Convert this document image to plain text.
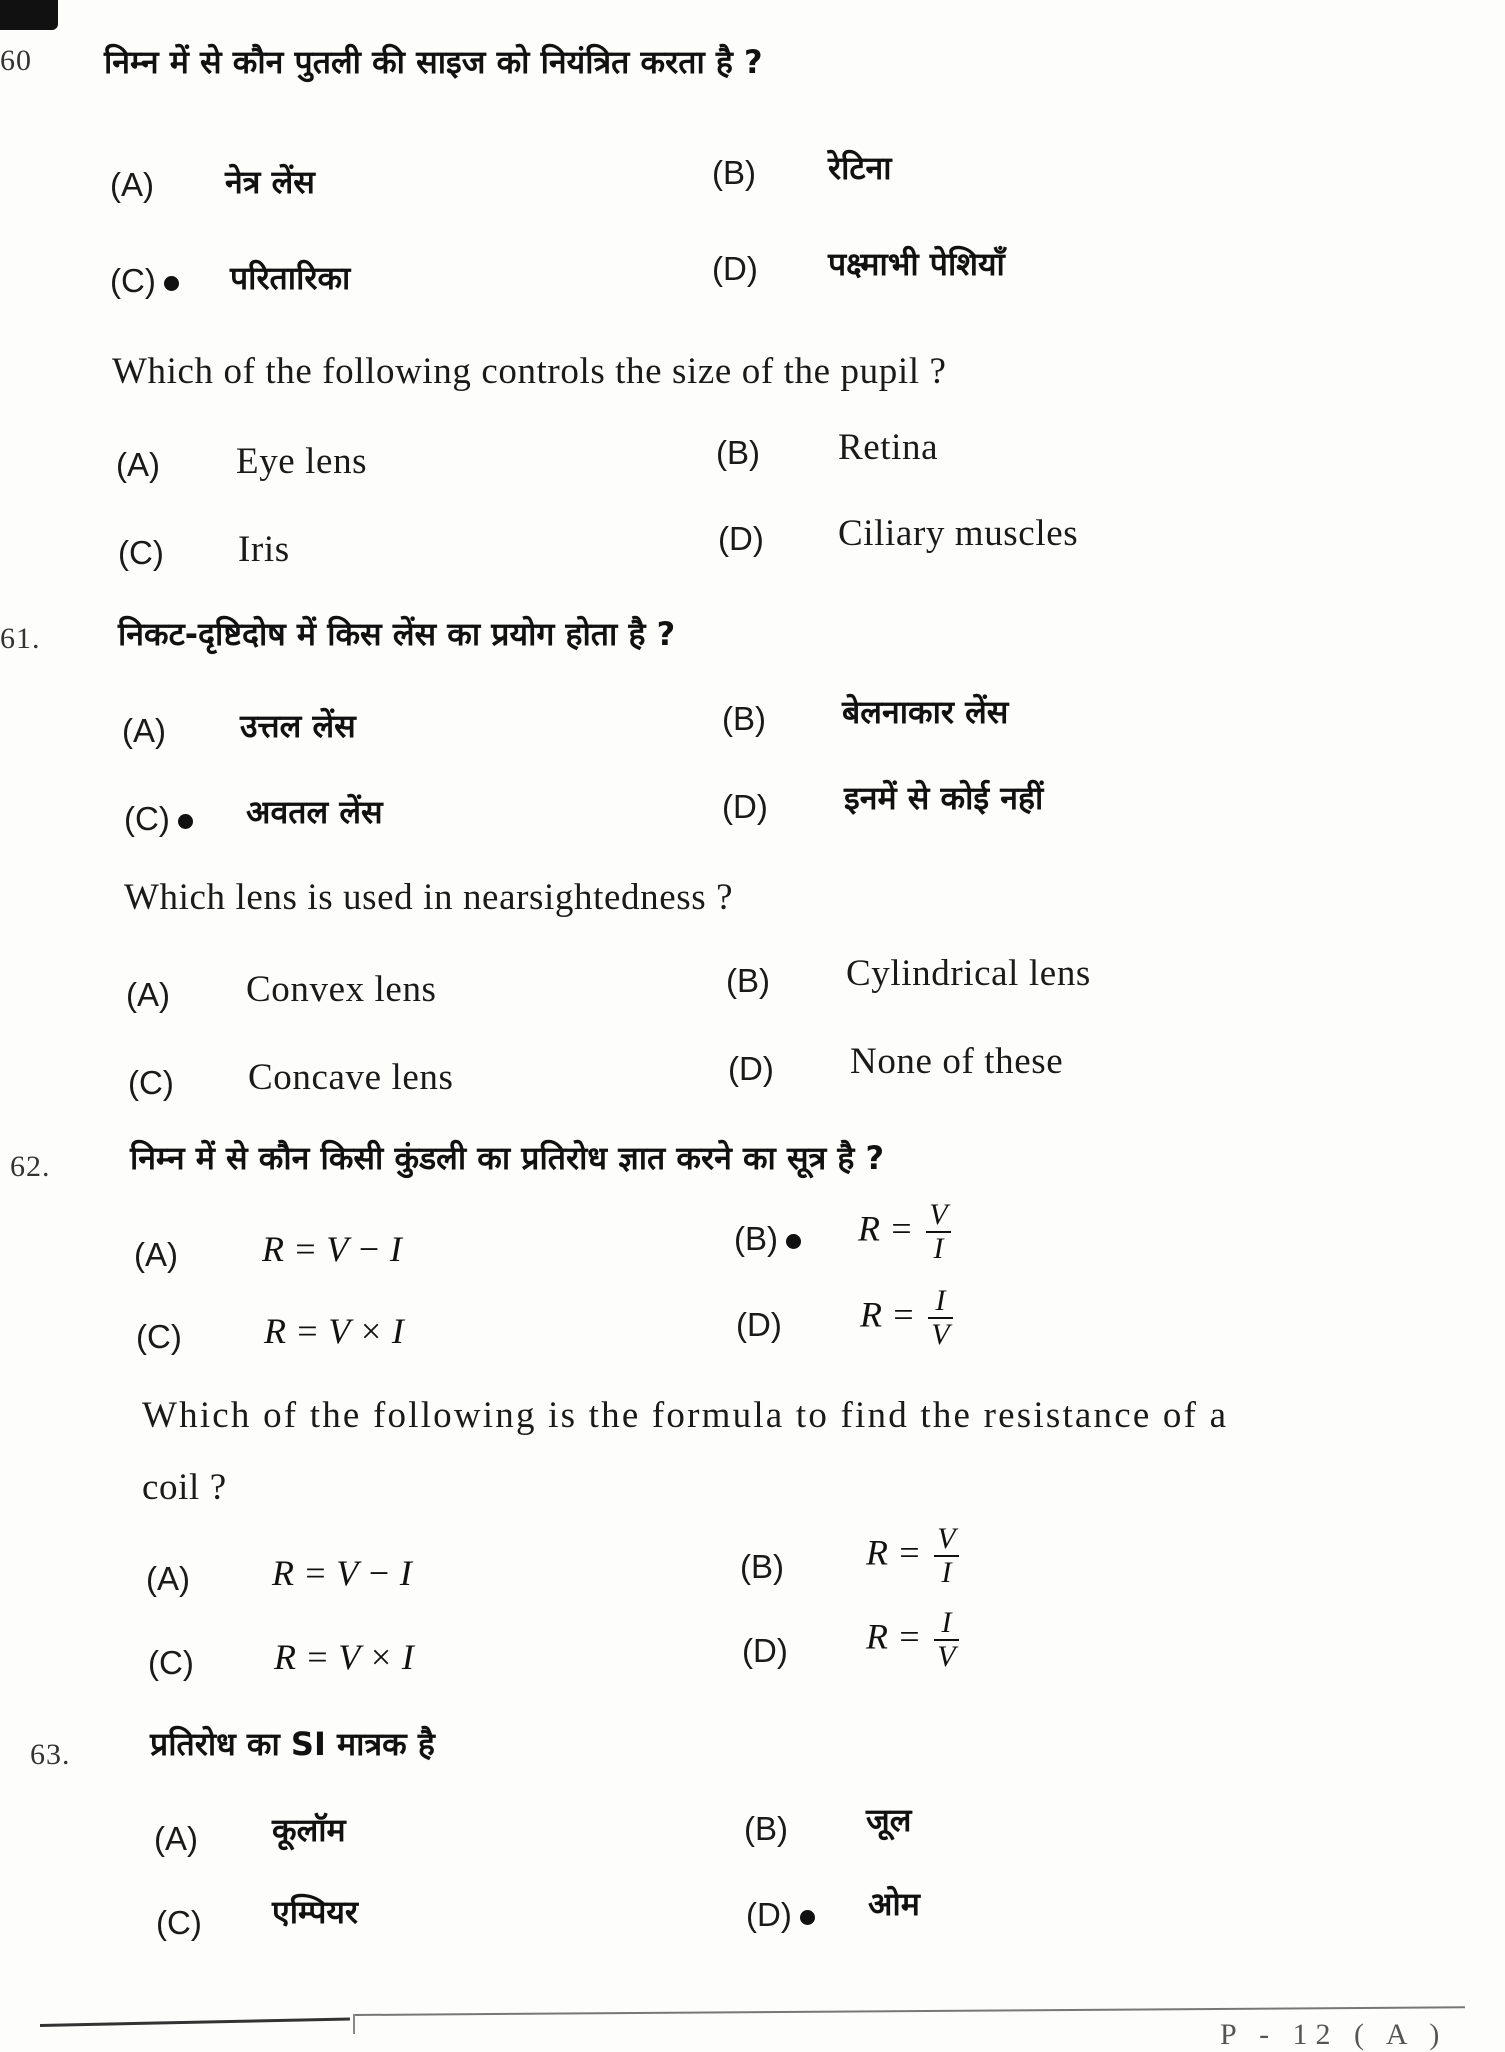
60 निम्न में से कौन पुतली की साइज को नियंत्रित करता है ?
(A) नेत्र लेंस	(B) रेटिना
(C)	परितारिका	(D) पक्ष्माभी पेशियाँ
Which of the following controls the size of the pupil ?
(A) Eye lens	(B) Retina
(C) Iris	(D) Ciliary muscles
61. निकट-दृष्टिदोष में किस लेंस का प्रयोग होता है ?
(A) उत्तल लेंस	(B) बेलनाकार लेंस
(C)	अवतल लेंस	(D) इनमें से कोई नहीं
Which lens is used in nearsightedness ?
(A) Convex lens	(B) Cylindrical lens
(C) Concave lens	(D) None of these
62. निम्न में से कौन किसी कुंडली का प्रतिरोध ज्ञात करने का सूत्र है ?
(A) R = V − I	(B)	$R = \frac{V}{I}$
(C) R = V × I	(D) $R = \frac{I}{V}$
Which of the following is the formula to find the resistance of a
coil ?
(A) R = V − I	(B) $R = \frac{V}{I}$
(C) R = V × I	(D) $R = \frac{I}{V}$
63. प्रतिरोध का SI मात्रक है
(A) कूलॉम	(B) जूल
(C) एम्पियर	(D)	ओम
P - 12 ( A )
